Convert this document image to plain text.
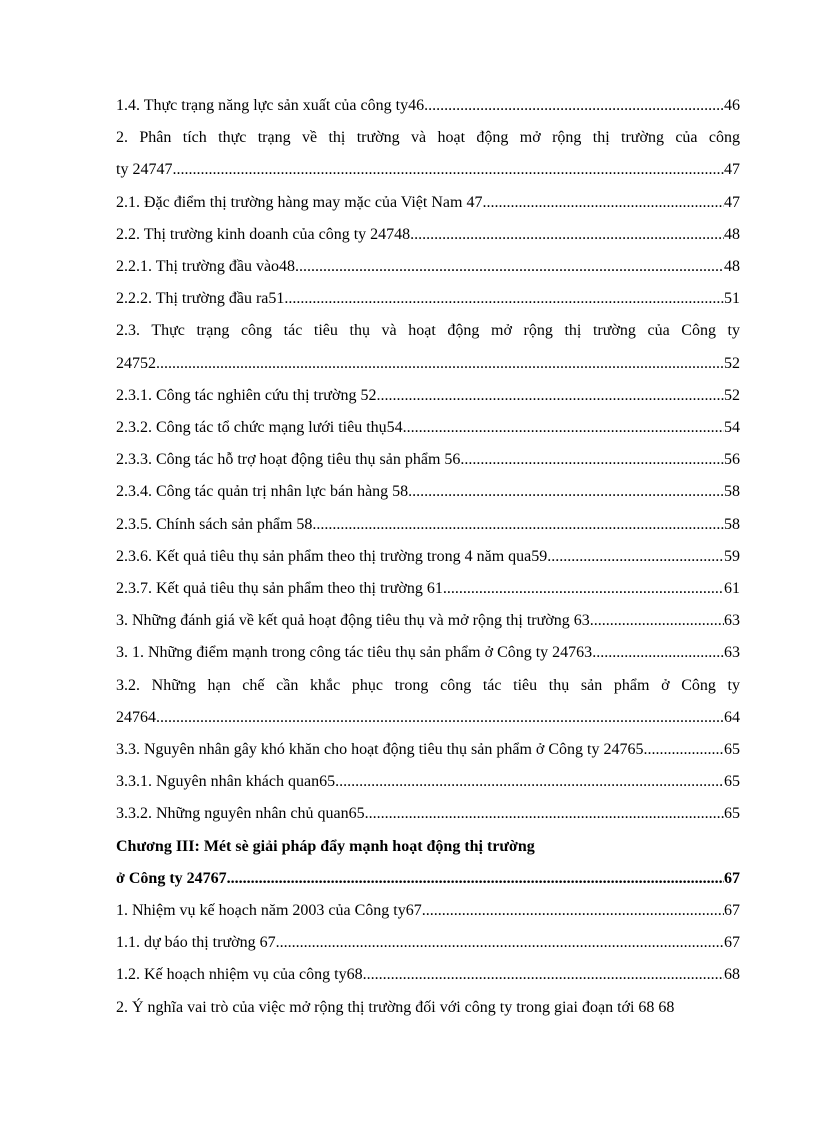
1.4. Thực trạng năng lực sản xuất của công ty46 .....	46
2. Phân tích thực trạng về thị trường và hoạt động mở rộng thị trường của công
ty 24747 .....	47
2.1. Đặc điểm thị trường hàng may mặc của Việt Nam 47 .....	47
2.2. Thị trường kinh doanh của công ty 24748 .....	48
2.2.1. Thị trường đầu vào48 .....	48
2.2.2. Thị trường đầu ra51 .....	51
2.3. Thực trạng công tác tiêu thụ và hoạt động mở rộng thị trường của Công ty
24752 .....	52
2.3.1. Công tác nghiên cứu thị trường 52 .....	52
2.3.2. Công tác tổ chức mạng lưới tiêu thụ54 .....	54
2.3.3. Công tác hỗ trợ hoạt động tiêu thụ sản phẩm 56 .....	56
2.3.4. Công tác quản trị nhân lực bán hàng 58 .....	58
2.3.5. Chính sách sản phẩm 58 .....	58
2.3.6. Kết quả tiêu thụ sản phẩm theo thị trường trong 4 năm qua59 .....	59
2.3.7. Kết quả tiêu thụ sản phẩm theo thị trường 61 .....	61
3. Những đánh giá về kết quả hoạt động tiêu thụ và mở rộng thị trường 63 .....	63
3. 1. Những điểm mạnh trong công tác tiêu thụ sản phẩm ở Công ty 24763 .....	63
3.2. Những hạn chế cần khắc phục trong công tác tiêu thụ sản phẩm ở Công ty
24764 .....	64
3.3. Nguyên nhân gây khó khăn cho hoạt động tiêu thụ sản phẩm ở Công ty 24765 .....	65
3.3.1. Nguyên nhân khách quan65 .....	65
3.3.2. Những nguyên nhân chủ quan65 .....	65
Chương III: Mét sè giải pháp đẩy mạnh hoạt động thị trường
ở Công ty 24767 .....	67
1. Nhiệm vụ kế hoạch năm 2003 của Công ty67 .....	67
1.1. dự báo thị trường 67 .....	67
1.2. Kế hoạch nhiệm vụ của công ty68 .....	68
2. Ý nghĩa vai trò của việc mở rộng thị trường đối với công ty trong giai đoạn tới 68 68
